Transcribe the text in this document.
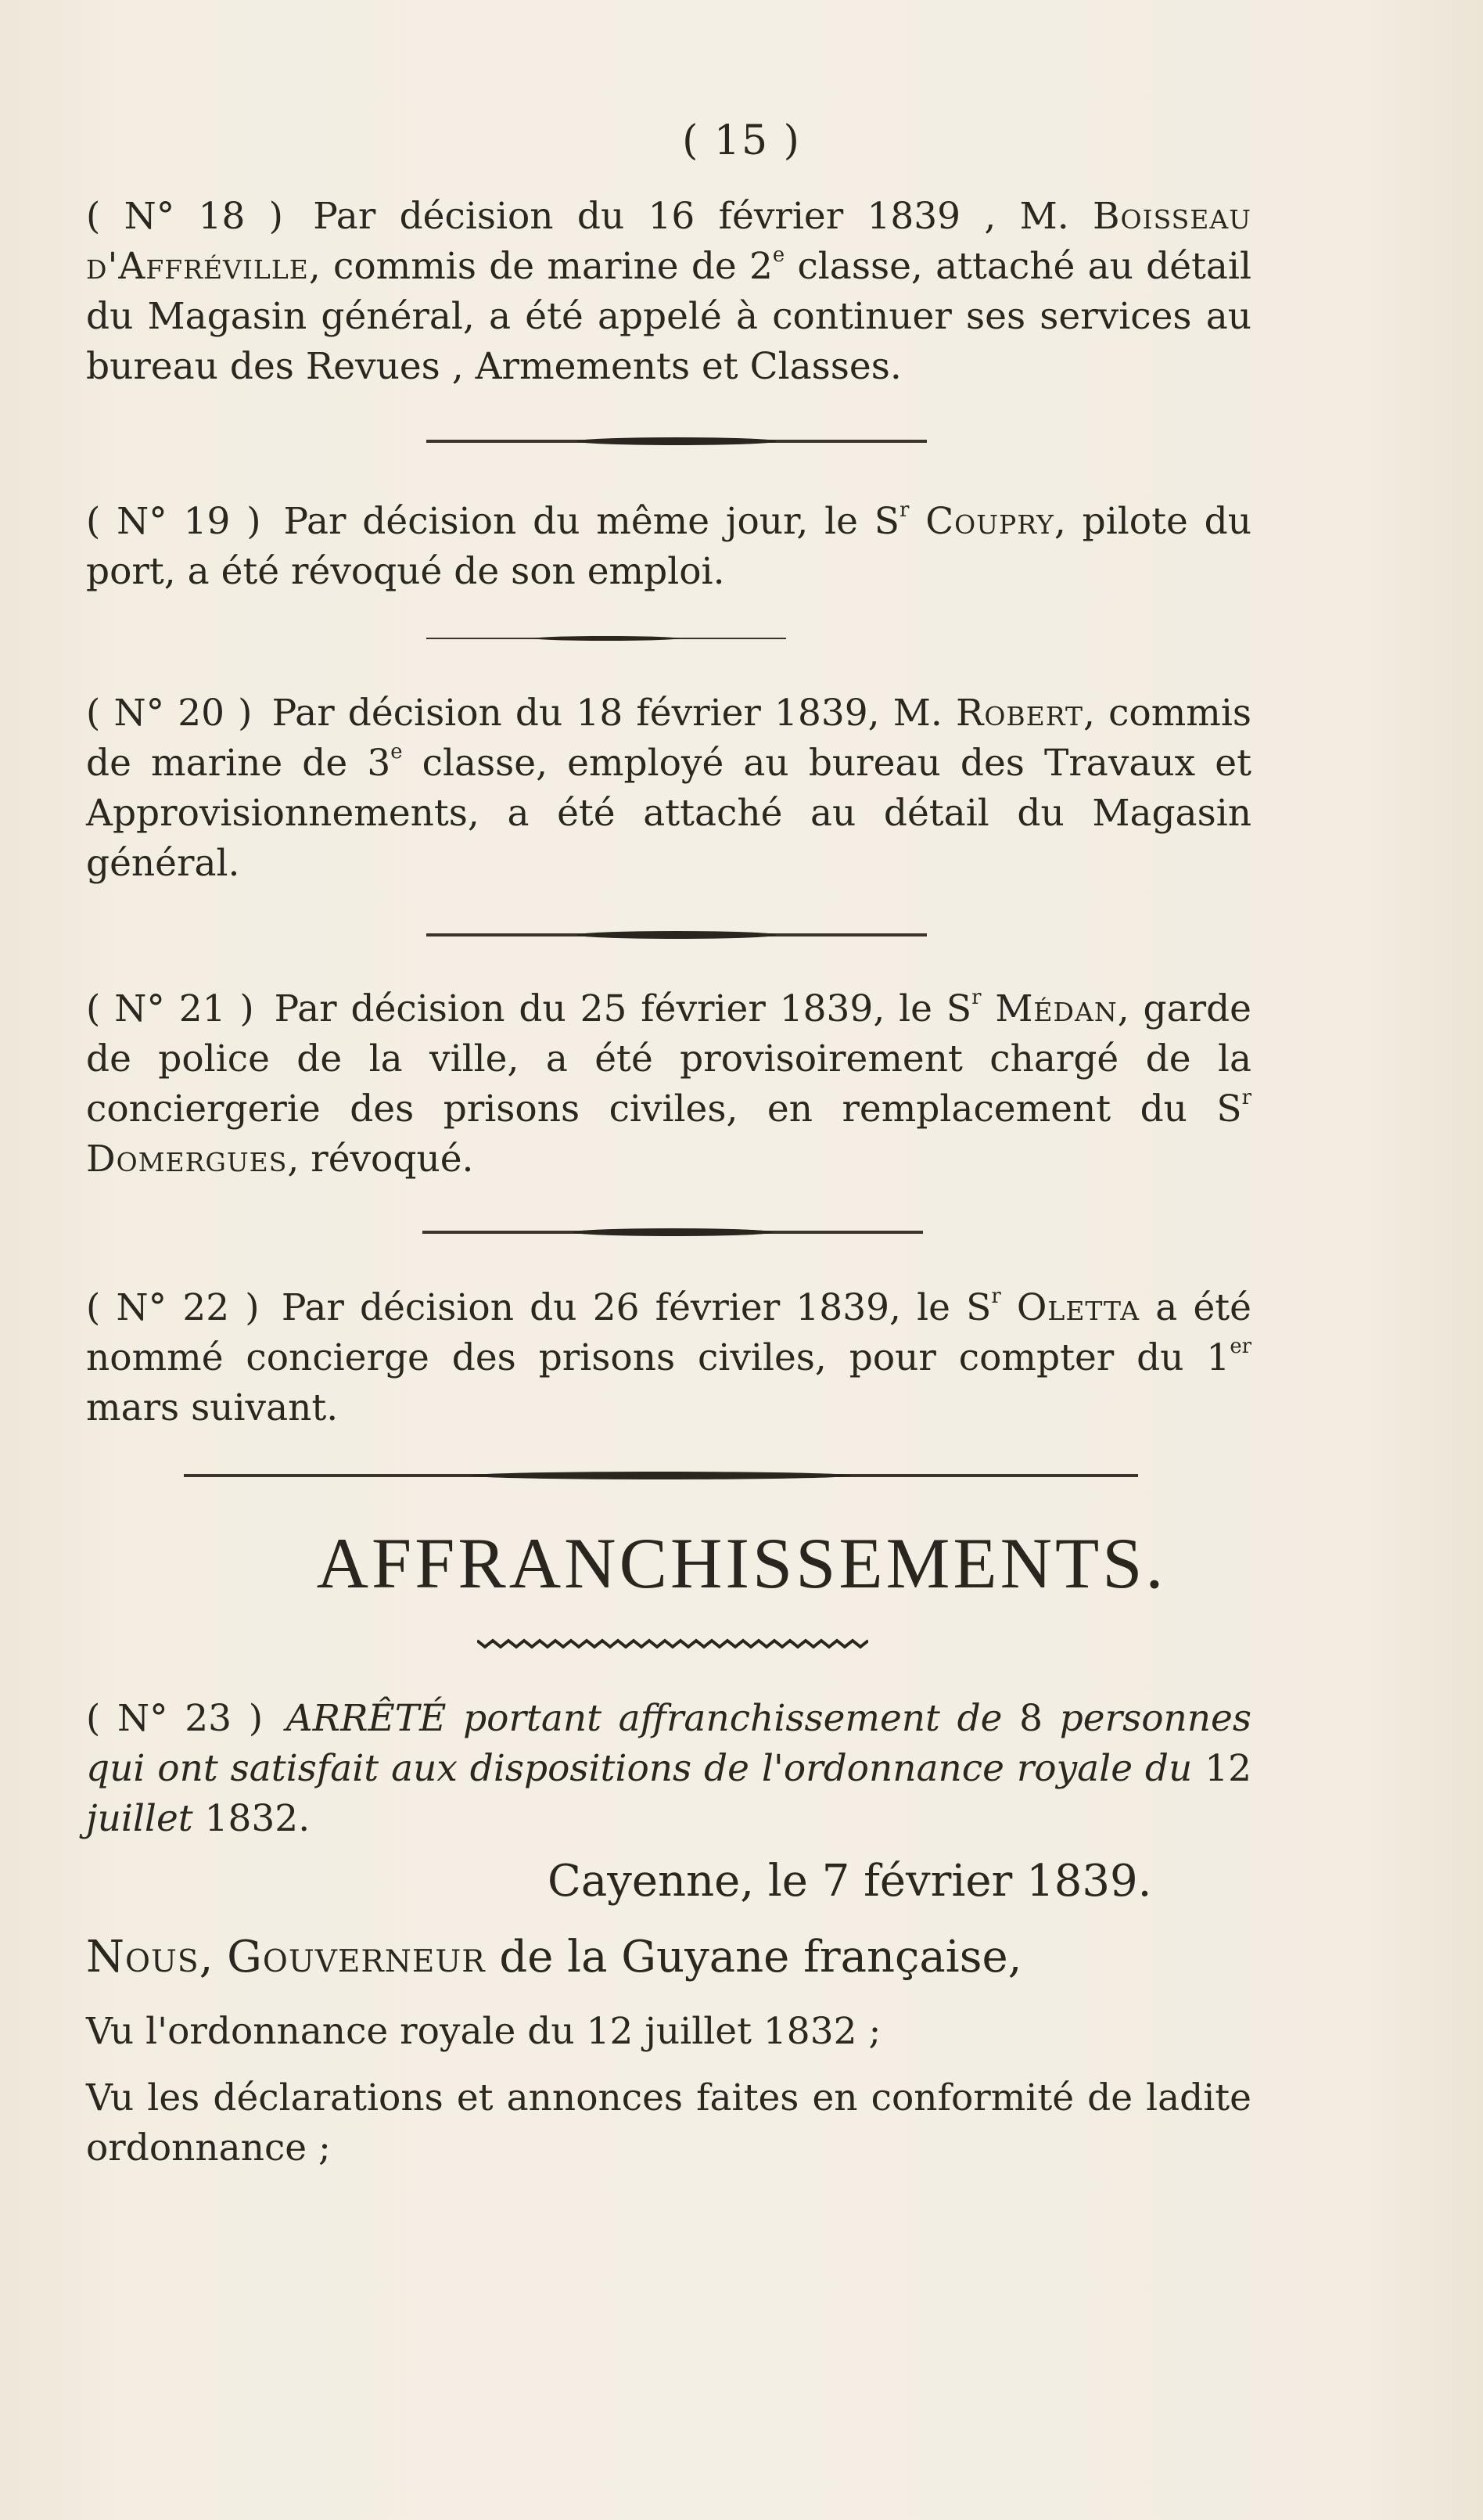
( 15 )
( N° 18 ) Par décision du 16 février 1839 , M. Boisseau d'Affréville, commis de marine de 2e classe, attaché au détail du Magasin général, a été appelé à continuer ses services au bureau des Revues , Armements et Classes.
( N° 19 ) Par décision du même jour, le $S^r$ Coupry, pilote du port, a été révoqué de son emploi.
( N° 20 ) Par décision du 18 février 1839, M. Robert, commis de marine de 3e classe, employé au bureau des Travaux et Approvisionnements, a été attaché au détail du Magasin général.
( N° 21 ) Par décision du 25 février 1839, le $S^r$ Médan, garde de police de la ville, a été provisoirement chargé de la conciergerie des prisons civiles, en remplacement du $S^r$ Domergues, révoqué.
( N° 22 ) Par décision du 26 février 1839, le $S^r$ Oletta a été nommé concierge des prisons civiles, pour compter du 1er mars suivant.
AFFRANCHISSEMENTS.
( N° 23 ) ARRÊTÉ portant affranchissement de 8 personnes qui ont satisfait aux dispositions de l'ordonnance royale du 12 juillet 1832.
Cayenne, le 7 février 1839.
Nous, Gouverneur de la Guyane française,
Vu l'ordonnance royale du 12 juillet 1832 ;
Vu les déclarations et annonces faites en conformité de ladite ordonnance ;
